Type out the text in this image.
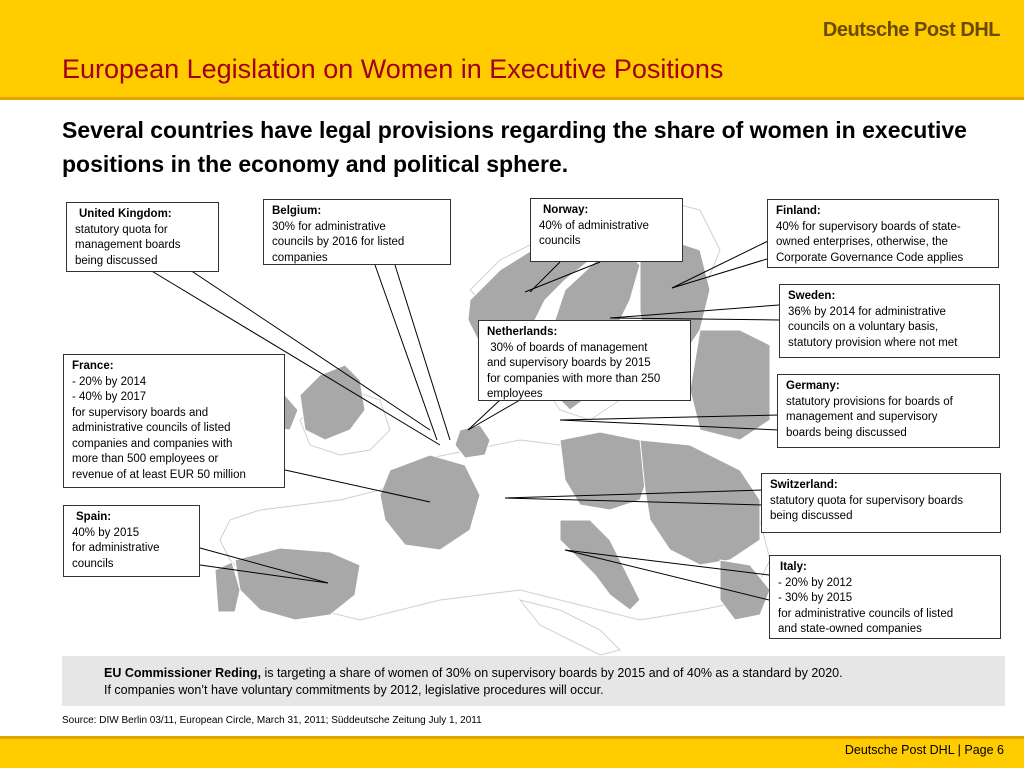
Deutsche Post DHL
European Legislation on Women in Executive Positions

Several countries have legal provisions regarding the share of women in executive positions in the economy and political sphere.

United Kingdom:
statutory quota for
management boards
being discussed
Belgium:
30% for administrative
councils by 2016 for listed
companies
Norway:
40% of administrative
councils
Finland:
40% for supervisory boards of state-
owned enterprises, otherwise, the
Corporate Governance Code applies
Sweden:
36% by 2014 for administrative
councils on a voluntary basis,
statutory provision where not met
Netherlands:
30% of boards of management
and supervisory boards by 2015
for companies with more than 250
employees
France:
- 20% by 2014
- 40% by 2017
for supervisory boards and
administrative councils of listed
companies and companies with
more than 500 employees or
revenue of at least EUR 50 million
Germany:
statutory provisions for boards of
management and supervisory
boards being discussed
Switzerland:
statutory quota for supervisory boards
being discussed
Spain:
40% by 2015
for administrative
councils	Italy:
- 20% by 2012
- 30% by 2015
for administrative councils of listed
and state-owned companies
EU Commissioner Reding, is targeting a share of women of 30% on supervisory boards by 2015 and of 40% as a standard by 2020.
If companies won’t have voluntary commitments by 2012, legislative procedures will occur.
Source: DIW Berlin 03/11, European Circle, March 31, 2011; Süddeutsche Zeitung July 1, 2011
Deutsche Post DHL | Page 6
